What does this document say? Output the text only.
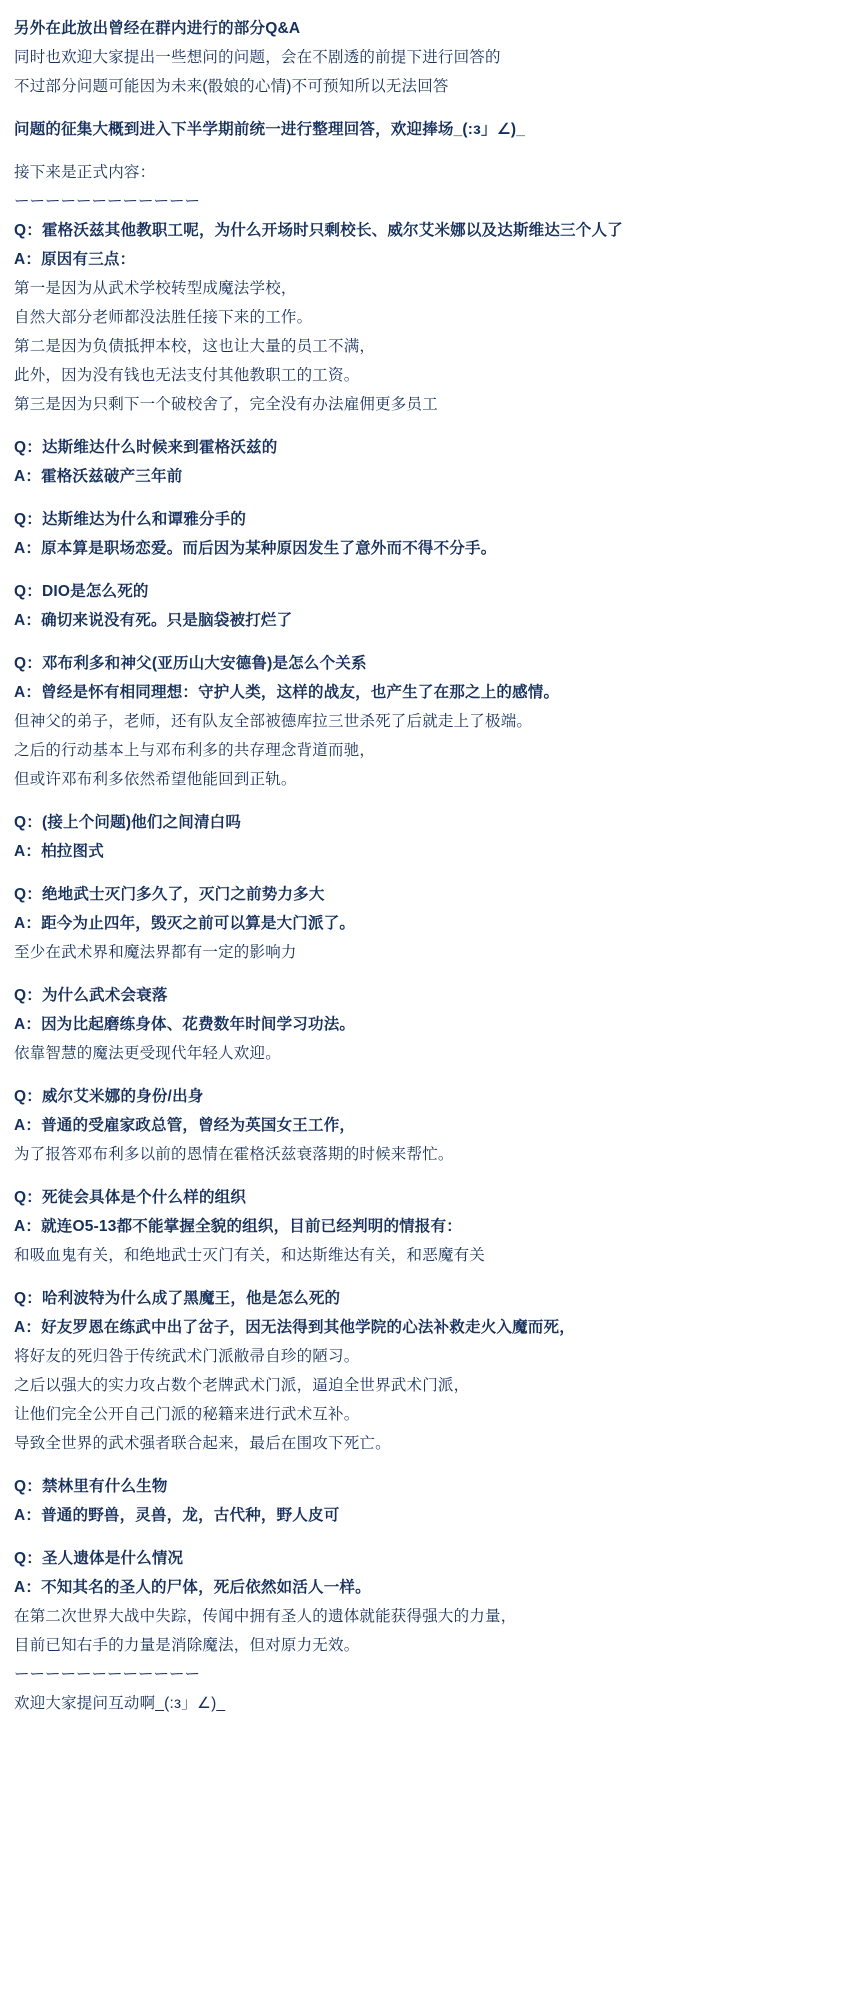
另外在此放出曾经在群内进行的部分Q&A
同时也欢迎大家提出一些想问的问题，会在不剧透的前提下进行回答的
不过部分问题可能因为未来(骰娘的心情)不可预知所以无法回答
问题的征集大概到进入下半学期前统一进行整理回答，欢迎捧场_(:з」∠)_
接下来是正式内容：
ーーーーーーーーーーーー
Q：霍格沃兹其他教职工呢，为什么开场时只剩校长、威尔艾米娜以及达斯维达三个人了
A：原因有三点：
第一是因为从武术学校转型成魔法学校，
自然大部分老师都没法胜任接下来的工作。
第二是因为负债抵押本校，这也让大量的员工不满，
此外，因为没有钱也无法支付其他教职工的工资。
第三是因为只剩下一个破校舍了，完全没有办法雇佣更多员工
Q：达斯维达什么时候来到霍格沃兹的
A：霍格沃兹破产三年前
Q：达斯维达为什么和谭雅分手的
A：原本算是职场恋爱。而后因为某种原因发生了意外而不得不分手。
Q：DIO是怎么死的
A：确切来说没有死。只是脑袋被打烂了
Q：邓布利多和神父(亚历山大安德鲁)是怎么个关系
A：曾经是怀有相同理想：守护人类，这样的战友，也产生了在那之上的感情。
但神父的弟子，老师，还有队友全部被德库拉三世杀死了后就走上了极端。
之后的行动基本上与邓布利多的共存理念背道而驰，
但或许邓布利多依然希望他能回到正轨。
Q：(接上个问题)他们之间清白吗
A：柏拉图式
Q：绝地武士灭门多久了，灭门之前势力多大
A：距今为止四年，毁灭之前可以算是大门派了。
至少在武术界和魔法界都有一定的影响力
Q：为什么武术会衰落
A：因为比起磨练身体、花费数年时间学习功法。
依靠智慧的魔法更受现代年轻人欢迎。
Q：威尔艾米娜的身份/出身
A：普通的受雇家政总管，曾经为英国女王工作，
为了报答邓布利多以前的恩情在霍格沃兹衰落期的时候来帮忙。
Q：死徒会具体是个什么样的组织
A：就连O5-13都不能掌握全貌的组织，目前已经判明的情报有：
和吸血鬼有关，和绝地武士灭门有关，和达斯维达有关，和恶魔有关
Q：哈利波特为什么成了黑魔王，他是怎么死的
A：好友罗恩在练武中出了岔子，因无法得到其他学院的心法补救走火入魔而死，
将好友的死归咎于传统武术门派敝帚自珍的陋习。
之后以强大的实力攻占数个老牌武术门派，逼迫全世界武术门派，
让他们完全公开自己门派的秘籍来进行武术互补。
导致全世界的武术强者联合起来，最后在围攻下死亡。
Q：禁林里有什么生物
A：普通的野兽，灵兽，龙，古代种，野人皮可
Q：圣人遗体是什么情况
A：不知其名的圣人的尸体，死后依然如活人一样。
在第二次世界大战中失踪，传闻中拥有圣人的遗体就能获得强大的力量，
目前已知右手的力量是消除魔法，但对原力无效。
ーーーーーーーーーーーー
欢迎大家提问互动啊_(:з」∠)_
